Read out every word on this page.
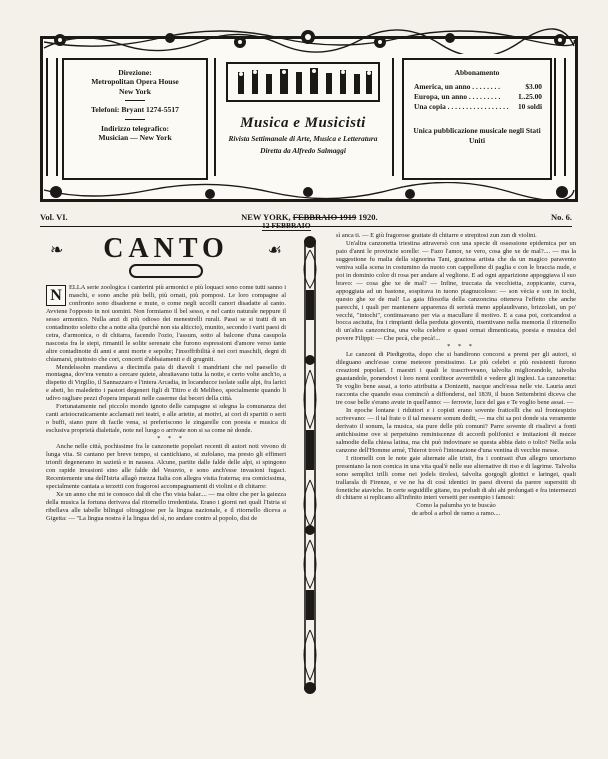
Direzione:
Metropolitan Opera House
New York
Telefoni: Bryant 1274-5517
Indirizzo telegrafico:
Musician — New York
Musica e Musicisti
Rivista Settimanale di Arte, Musica e Letteratura
Diretta da Alfredo Salmaggi
Abbonamento
America, un anno . . . . . . . .	$3.00
Europa, un anno . . . . . . . . . L.25.00
Una copia . . . . . . . . . . . . . . . . . 10 soldi
Unica pubblicazione musicale negli Stati Uniti
Vol. VI.	NEW YORK, FEBBRAIO 1919 1920.	No. 6.
12 FEBBRAIO
❧	CANTO	☙

N	ELLA serie zoologica i canterini più armonici e più loquaci sono come tutti sanno i maschi, e sono anche più belli, più ornati, più pomposi. Le loro compagne al confronto sono disadorne e mute, o come negli uccelli canori disadatte al canto. Avviene l'opposto in noi uomini. Non formiamo il bel sesso, e nel canto naturale neppure il sesso armonico. Nulla anzi di più odioso dei menestrelli rurali. Passi se si tratti di un contadinotto soletto che a notte alta (purchè non sia alticcio), munito, secondo i varii paesi di cetra, d'armonica, o di chitarra, facendo l'ozio, l'assum, sotto al balcone d'una casupola nascosta fra le siepi, rimaniil le solite serenate che furono espressioni d'amore verso tante altre contadinotte di anni e anni morte e sepolte; l'insoffribilità è nei cori maschili, degni di chiamarsi, piuttosto che cori, concerti d'abbaiamenti e di grugniti.

Mendelssohn mandava a diecimila paia di diavoli i mandriani che nel paesello di montagna, dov'era venuto a cercare quiete, abraitavano tutta la notte, e certo volte anch'io, a dispetto di Virgilio, il Sannazzaro e l'intera Arcadia, in locanducce isolate sulle alpi, fra larici e abeti, ho maledetto i pastori degeneri figli di Titiro e di Melibeo, specialmente quando li udivo ragliare pezzi d'opera imparati nelle caserme dai beceri della città.

Fortunatamente nel piccolo mondo ignoto delle campagne si sdegna la comunanza dei canti aristocraticamente acclamati nei teatri, e alle ariette, ai motivi, ai cori di spartiti o serii o buffi, siano pure di facile vena, si preferiscono le zingarelle con poesia e musica di esclusiva proprietà dialettale, note nel luogo o arrivate non si sa come nè donde.

* * *

Anche nelle città, pochissime fra le canzonette popolari recenti di autori noti vivono di lunga vita. Si cantano per breve tempo, si cantichiano, si zufolano, ma presto gli effimeri trionfi degenerano in sazietà e in nausea. Alcune, partite dalle falde delle alpi, si spingono con rapide invasioni sino alle falde del Vesuvio, e sono anch'esse invasioni fugaci. Recentemente una dell'Istria allagò mezza Italia con allegra visita fraterna; era comicissima, specialmente cantata a terzetti con fragorosi accompagnamenti di violini e di chitarre:

Xe un anno che mi te conosco dal di che t'ho vista balar.... — ma oltre che per la gaiezza della musica la fortuna derivava dal ritornello irredentista. Erano i giorni nei quali l'Istria si ribellava alle tabelle bilingui oltraggiose per la lingua nazionale, e il ritornello diceva a Gigetta: — "La lingua nostra è la lingua del sì, no andare contro al popolo, disi de

sì anca ti. — E giù fragorose grattate di chitarre e strepitosi zun zun di violini.

Un'altra canzonetta triestina attraversò con una specie di ossessione epidemica per un paio d'anni le provincie sorelle: — Fazo l'amor, xe vero, cosa ghe xe de mal?.... — ma la suggestione fu malia della signorina Tani, graziosa artista che da un magico paravento veniva sulla scena in costumino da nuoto con cappellone di paglia e con le braccia nude, e poi in dominio color di rosa per andare al veglione. E ad ogni apparizione appoggiava il suo bravo: — cosa ghe xe de mal? — Infine, truccata da vecchietta, zoppicante, curva, appoggiata ad un bastone, sospirava in tuono piagnucoloso: — son vècia e son in tochi, questo ghe xe de mal! La gaia filosofia della canzoncina otteneva l'effetto che anche parecchi, i quali per mantenere apparenza di serietà meno applaudivano, brizzolati, un po' vecchi, "intochi", continuavano per via a macullare il motivo. E a casa poi, coricandosi a bocca asciutta, fra i rimpianti della perduta gioventù, risentivano nella memoria il ritornello di un'altra canzoncina, una volta celebre e quasi ormai dimenticata, poesia e musica del povere Filippi: — Che pecà, che pecà!...

* * *

Le canzoni di Piedigrotta, dopo che si bandirono concorsi a premi per gli autori, si dileguano anch'esse come meteore prestissimo. Le più celebri e più resistenti furono creazioni popolari. I maestri i quali le trascrivevano, talvolta migliorandole, talvolta guastandole, ponendovi i loro nomi confiteor avvertibili e vedere gli inglesi. La canzonetta: Te voglio bene assai, a torto attribuita a Donizetti, nacque anch'essa nelle vie. Lauria anzi racconta che quando essa cominciò a diffondersi, nel 1839, il buon Settembrini diceva che tre cose belle s'erano avute in quell'anno: — ferrovie, luce del gas e Te voglio bene assai. —

In epoche lontane i riduttori e i copisti erano sovente fraticelli che sul frontespizio scrivevano: — il tal frate o il tal messere sonum dedit, — ma chi sa poi donde sia veramente derivato il sonum, la musica, sia pure delle più comuni? Parre sovente di risalirvi a fonti antichissime ove si perpetuino reminiscenze di accordi polifonici e imitazioni di mezze salmodie della chiesa latina, ma chi può indovinare se questa abbia dato o tolto? Nella sola canzone dell'Homme armé, Thierot trovò l'intonazione d'una ventina di vecchie messe.

I ritornelli con le note gaie alternate alle tristi, fra i contrasti d'un allegro umorismo presentano la non comica in una vita qual'è nelle sue alternative di riso e di lagrime. Talvolta sono semplici trilli come nei jodels tirolesi, talvolta gorgogli glottici e laringei, quali trallarala di Firenze, e ve ne ha di così identici in paesi diversi da parere superstiti di fonetiche ataviche. In certe seguidille gitane, tra preludi di ahi ahi prolungati e fra intermezzi di chitarre si replicano all'infinito interi versetti per esempio i famosi:

Como la palumba yo te buscào

de arbol a arbol de ramo a ramo....
